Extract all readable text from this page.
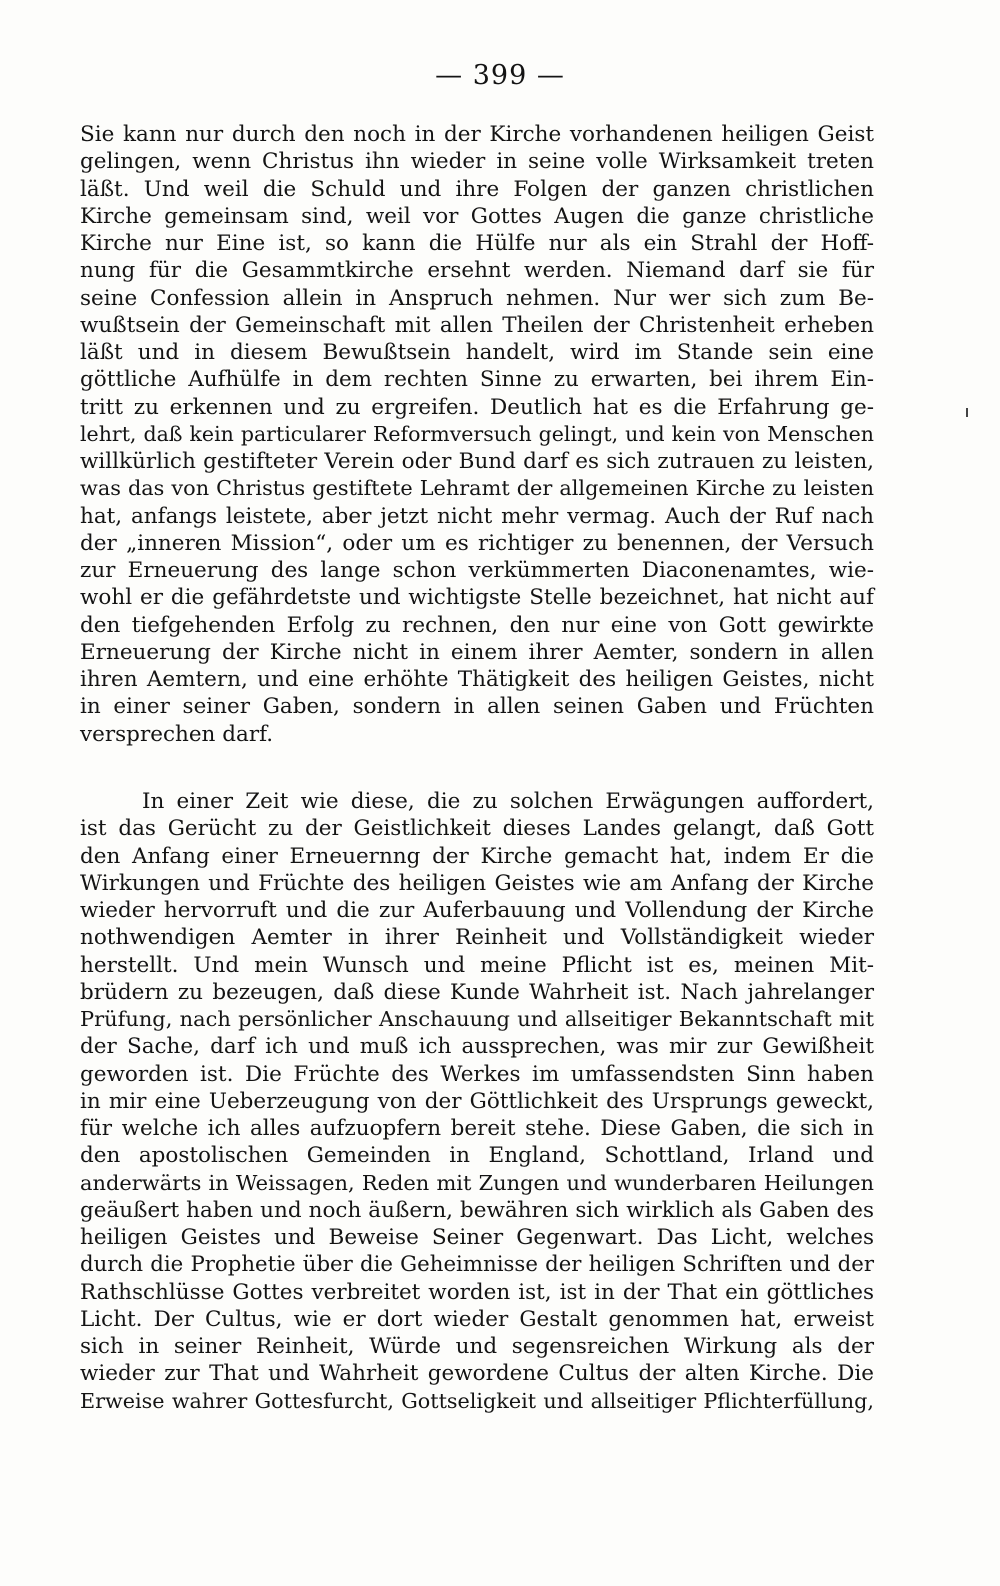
— 399 —
Sie kann nur durch den noch in der Kirche vorhandenen heiligen Geist
gelingen, wenn Christus ihn wieder in seine volle Wirksamkeit treten
läßt. Und weil die Schuld und ihre Folgen der ganzen christlichen
Kirche gemeinsam sind, weil vor Gottes Augen die ganze christliche
Kirche nur Eine ist, so kann die Hülfe nur als ein Strahl der Hoff-
nung für die Gesammtkirche ersehnt werden. Niemand darf sie für
seine Confession allein in Anspruch nehmen. Nur wer sich zum Be-
wußtsein der Gemeinschaft mit allen Theilen der Christenheit erheben
läßt und in diesem Bewußtsein handelt, wird im Stande sein eine
göttliche Aufhülfe in dem rechten Sinne zu erwarten, bei ihrem Ein-
tritt zu erkennen und zu ergreifen. Deutlich hat es die Erfahrung ge-
lehrt, daß kein particularer Reformversuch gelingt, und kein von Menschen
willkürlich gestifteter Verein oder Bund darf es sich zutrauen zu leisten,
was das von Christus gestiftete Lehramt der allgemeinen Kirche zu leisten
hat, anfangs leistete, aber jetzt nicht mehr vermag. Auch der Ruf nach
der „inneren Mission“, oder um es richtiger zu benennen, der Versuch
zur Erneuerung des lange schon verkümmerten Diaconenamtes, wie-
wohl er die gefährdetste und wichtigste Stelle bezeichnet, hat nicht auf
den tiefgehenden Erfolg zu rechnen, den nur eine von Gott gewirkte
Erneuerung der Kirche nicht in einem ihrer Aemter, sondern in allen
ihren Aemtern, und eine erhöhte Thätigkeit des heiligen Geistes, nicht
in einer seiner Gaben, sondern in allen seinen Gaben und Früchten
versprechen darf.
In einer Zeit wie diese, die zu solchen Erwägungen auffordert,
ist das Gerücht zu der Geistlichkeit dieses Landes gelangt, daß Gott
den Anfang einer Erneuernng der Kirche gemacht hat, indem Er die
Wirkungen und Früchte des heiligen Geistes wie am Anfang der Kirche
wieder hervorruft und die zur Auferbauung und Vollendung der Kirche
nothwendigen Aemter in ihrer Reinheit und Vollständigkeit wieder
herstellt. Und mein Wunsch und meine Pflicht ist es, meinen Mit-
brüdern zu bezeugen, daß diese Kunde Wahrheit ist. Nach jahrelanger
Prüfung, nach persönlicher Anschauung und allseitiger Bekanntschaft mit
der Sache, darf ich und muß ich aussprechen, was mir zur Gewißheit
geworden ist. Die Früchte des Werkes im umfassendsten Sinn haben
in mir eine Ueberzeugung von der Göttlichkeit des Ursprungs geweckt,
für welche ich alles aufzuopfern bereit stehe. Diese Gaben, die sich in
den apostolischen Gemeinden in England, Schottland, Irland und
anderwärts in Weissagen, Reden mit Zungen und wunderbaren Heilungen
geäußert haben und noch äußern, bewähren sich wirklich als Gaben des
heiligen Geistes und Beweise Seiner Gegenwart. Das Licht, welches
durch die Prophetie über die Geheimnisse der heiligen Schriften und der
Rathschlüsse Gottes verbreitet worden ist, ist in der That ein göttliches
Licht. Der Cultus, wie er dort wieder Gestalt genommen hat, erweist
sich in seiner Reinheit, Würde und segensreichen Wirkung als der
wieder zur That und Wahrheit gewordene Cultus der alten Kirche. Die
Erweise wahrer Gottesfurcht, Gottseligkeit und allseitiger Pflichterfüllung,
